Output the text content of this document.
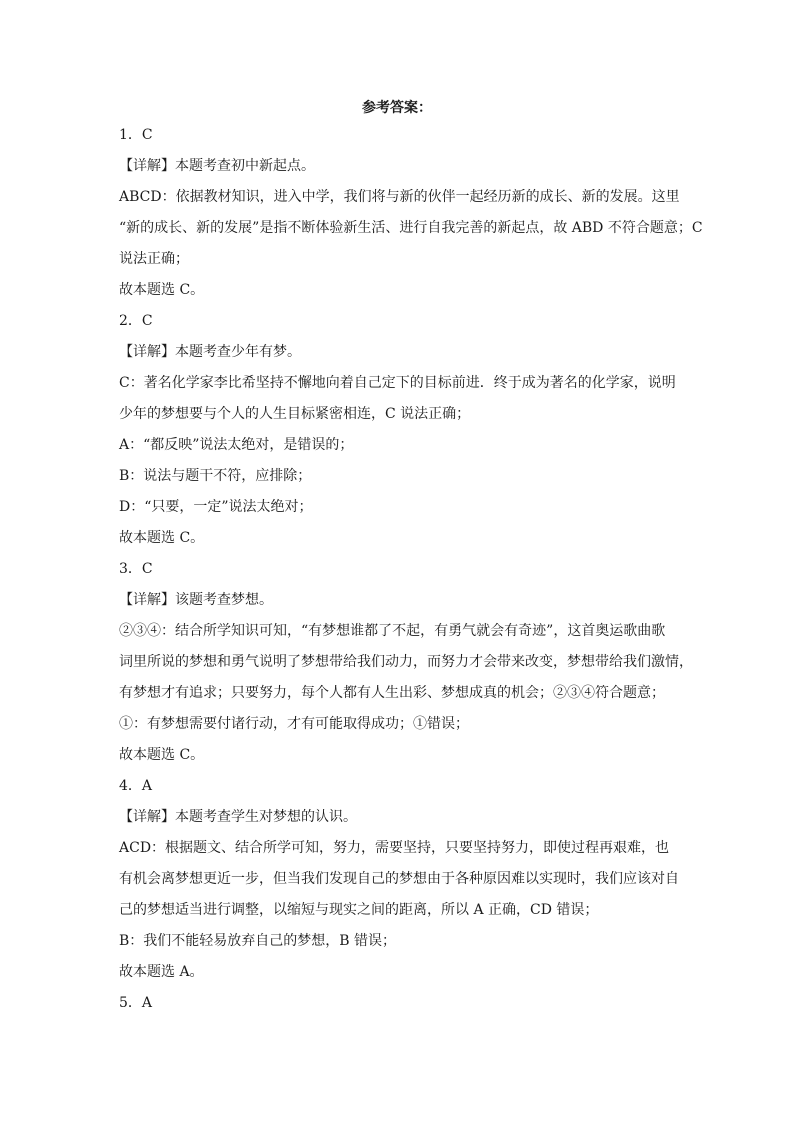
参考答案：
1．C
【详解】本题考查初中新起点。
ABCD：依据教材知识，进入中学，我们将与新的伙伴一起经历新的成长、新的发展。这里
“新的成长、新的发展”是指不断体验新生活、进行自我完善的新起点，故 ABD 不符合题意；C
说法正确；
故本题选 C。
2．C
【详解】本题考查少年有梦。
C：著名化学家李比希坚持不懈地向着自己定下的目标前进．终于成为著名的化学家，说明
少年的梦想要与个人的人生目标紧密相连，C 说法正确；
A：“都反映”说法太绝对，是错误的；
B：说法与题干不符，应排除；
D：“只要，一定”说法太绝对；
故本题选 C。
3．C
【详解】该题考查梦想。
②③④：结合所学知识可知，“有梦想谁都了不起，有勇气就会有奇迹”，这首奥运歌曲歌
词里所说的梦想和勇气说明了梦想带给我们动力，而努力才会带来改变，梦想带给我们激情，
有梦想才有追求；只要努力，每个人都有人生出彩、梦想成真的机会；②③④符合题意；
①：有梦想需要付诸行动，才有可能取得成功；①错误；
故本题选 C。
4．A
【详解】本题考查学生对梦想的认识。
ACD：根据题文、结合所学可知，努力，需要坚持，只要坚持努力，即使过程再艰难，也
有机会离梦想更近一步，但当我们发现自己的梦想由于各种原因难以实现时，我们应该对自
己的梦想适当进行调整，以缩短与现实之间的距离，所以 A 正确，CD 错误；
B：我们不能轻易放弃自己的梦想，B 错误；
故本题选 A。
5．A
